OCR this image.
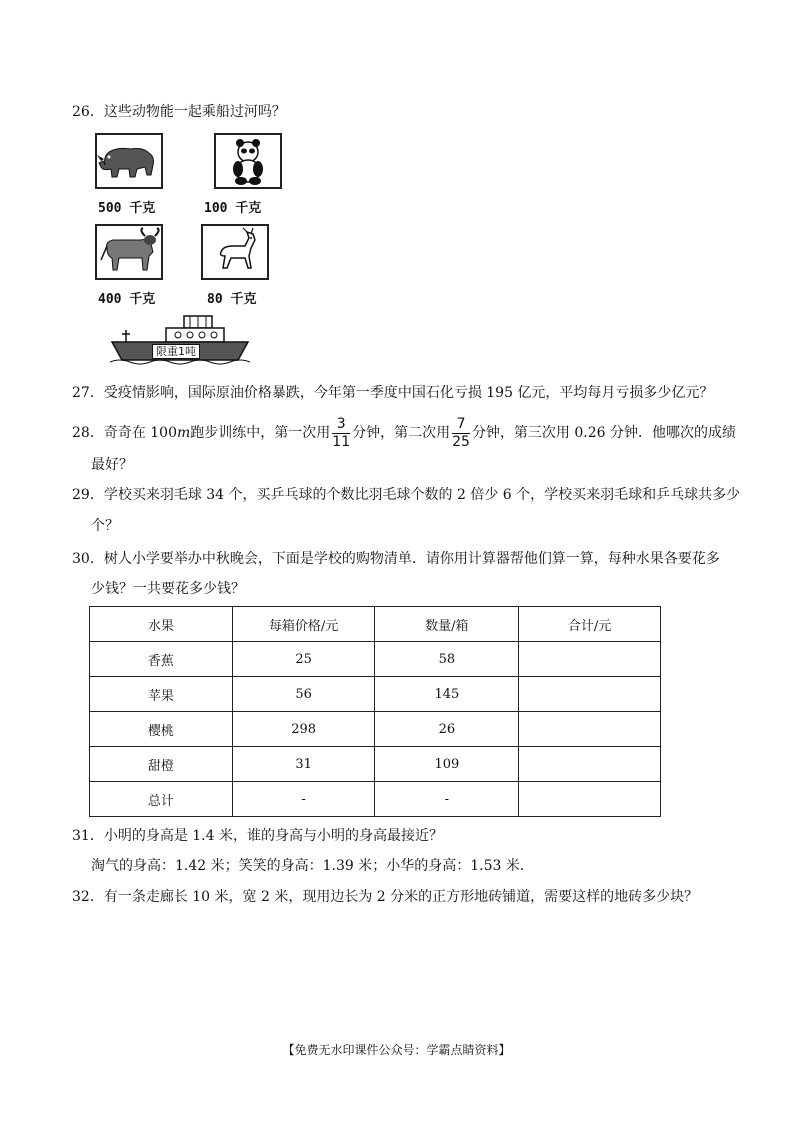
26．这些动物能一起乘船过河吗？
500 千克	100 千克
400 千克	80 千克
限重1吨
27．受疫情影响，国际原油价格暴跌，今年第一季度中国石化亏损 195 亿元，平均每月亏损多少亿元？
28．奇奇在 100 m 跑步训练中，第一次用 $\frac{3}{11}$ 分钟，第二次用 $\frac{7}{25}$ 分钟，第三次用 0.26 分钟．他哪次的成绩
最好？
29．学校买来羽毛球 34 个，买乒乓球的个数比羽毛球个数的 2 倍少 6 个，学校买来羽毛球和乒乓球共多少
个？
30．树人小学要举办中秋晚会，下面是学校的购物清单．请你用计算器帮他们算一算，每种水果各要花多
少钱？一共要花多少钱？
水果	每箱价格/元	数量/箱	合计/元
香蕉	25	58	
苹果	56	145	
樱桃	298	26	
甜橙	31	109	
总计	-	-	
31．小明的身高是 1.4 米，谁的身高与小明的身高最接近？
淘气的身高：1.42 米；笑笑的身高：1.39 米；小华的身高：1.53 米．
32．有一条走廊长 10 米，宽 2 米，现用边长为 2 分米的正方形地砖铺道，需要这样的地砖多少块？
【免费无水印课件公众号：学霸点睛资料】
